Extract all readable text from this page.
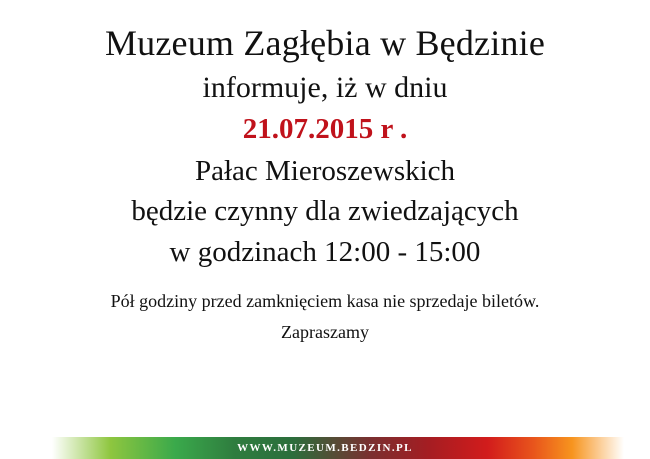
Muzeum Zagłębia w Będzinie
informuje, iż w dniu
21.07.2015 r .
Pałac Mieroszewskich
będzie czynny dla zwiedzających
w godzinach 12:00 - 15:00
Pół godziny przed zamknięciem kasa nie sprzedaje biletów.
Zapraszamy
WWW.MUZEUM.BEDZIN.PL
